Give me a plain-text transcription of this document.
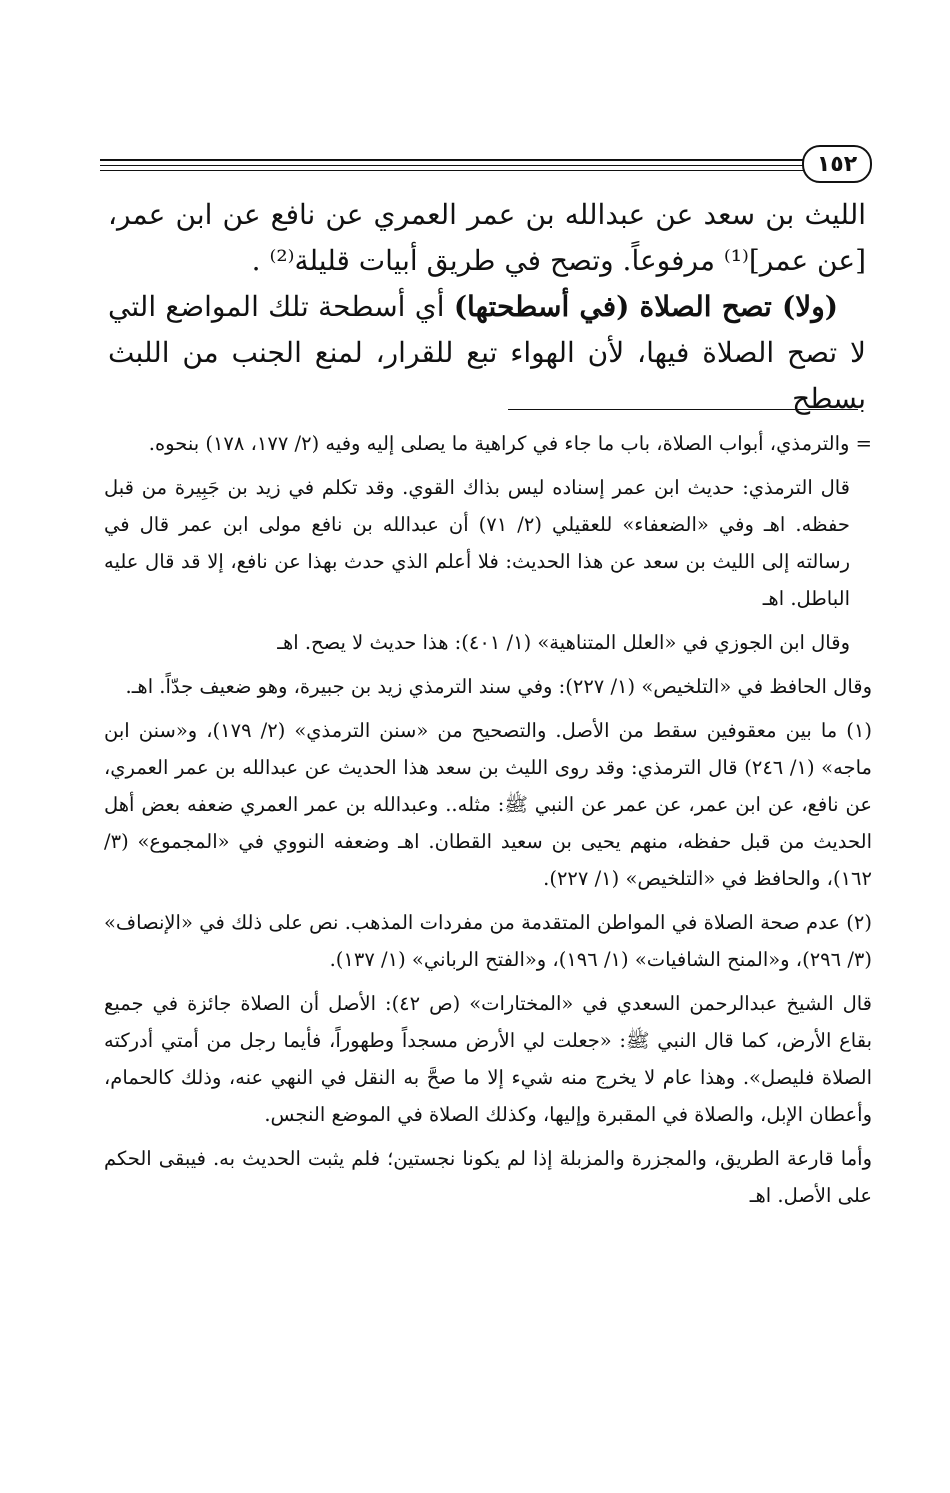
١٥٢

الليث بن سعد عن عبدالله بن عمر العمري عن نافع عن ابن عمر، [عن عمر]⁽¹⁾ مرفوعاً. وتصح في طريق أبيات قليلة⁽²⁾ .

(ولا) تصح الصلاة (في أسطحتها) أي أسطحة تلك المواضع التي لا تصح الصلاة فيها، لأن الهواء تبع للقرار، لمنع الجنب من اللبث بسطح

= والترمذي، أبواب الصلاة، باب ما جاء في كراهية ما يصلى إليه وفيه (٢/ ١٧٧، ١٧٨) بنحوه.

قال الترمذي: حديث ابن عمر إسناده ليس بذاك القوي. وقد تكلم في زيد بن جَبِيرة من قبل حفظه. اهـ وفي «الضعفاء» للعقيلي (٢/ ٧١) أن عبدالله بن نافع مولى ابن عمر قال في رسالته إلى الليث بن سعد عن هذا الحديث: فلا أعلم الذي حدث بهذا عن نافع، إلا قد قال عليه الباطل. اهـ

وقال ابن الجوزي في «العلل المتناهية» (١/ ٤٠١): هذا حديث لا يصح. اهـ

وقال الحافظ في «التلخيص» (١/ ٢٢٧): وفي سند الترمذي زيد بن جبيرة، وهو ضعيف جدّاً. اهـ.

(١) ما بين معقوفين سقط من الأصل. والتصحيح من «سنن الترمذي» (٢/ ١٧٩)، و«سنن ابن ماجه» (١/ ٢٤٦) قال الترمذي: وقد روى الليث بن سعد هذا الحديث عن عبدالله بن عمر العمري، عن نافع، عن ابن عمر، عن عمر عن النبي ﷺ: مثله.. وعبدالله بن عمر العمري ضعفه بعض أهل الحديث من قبل حفظه، منهم يحيى بن سعيد القطان. اهـ وضعفه النووي في «المجموع» (٣/ ١٦٢)، والحافظ في «التلخيص» (١/ ٢٢٧).

(٢) عدم صحة الصلاة في المواطن المتقدمة من مفردات المذهب. نص على ذلك في «الإنصاف» (٣/ ٢٩٦)، و«المنح الشافيات» (١/ ١٩٦)، و«الفتح الرباني» (١/ ١٣٧).

قال الشيخ عبدالرحمن السعدي في «المختارات» (ص ٤٢): الأصل أن الصلاة جائزة في جميع بقاع الأرض، كما قال النبي ﷺ: «جعلت لي الأرض مسجداً وطهوراً، فأيما رجل من أمتي أدركته الصلاة فليصل». وهذا عام لا يخرج منه شيء إلا ما صحَّ به النقل في النهي عنه، وذلك كالحمام، وأعطان الإبل، والصلاة في المقبرة وإليها، وكذلك الصلاة في الموضع النجس.

وأما قارعة الطريق، والمجزرة والمزبلة إذا لم يكونا نجستين؛ فلم يثبت الحديث به. فيبقى الحكم على الأصل. اهـ
